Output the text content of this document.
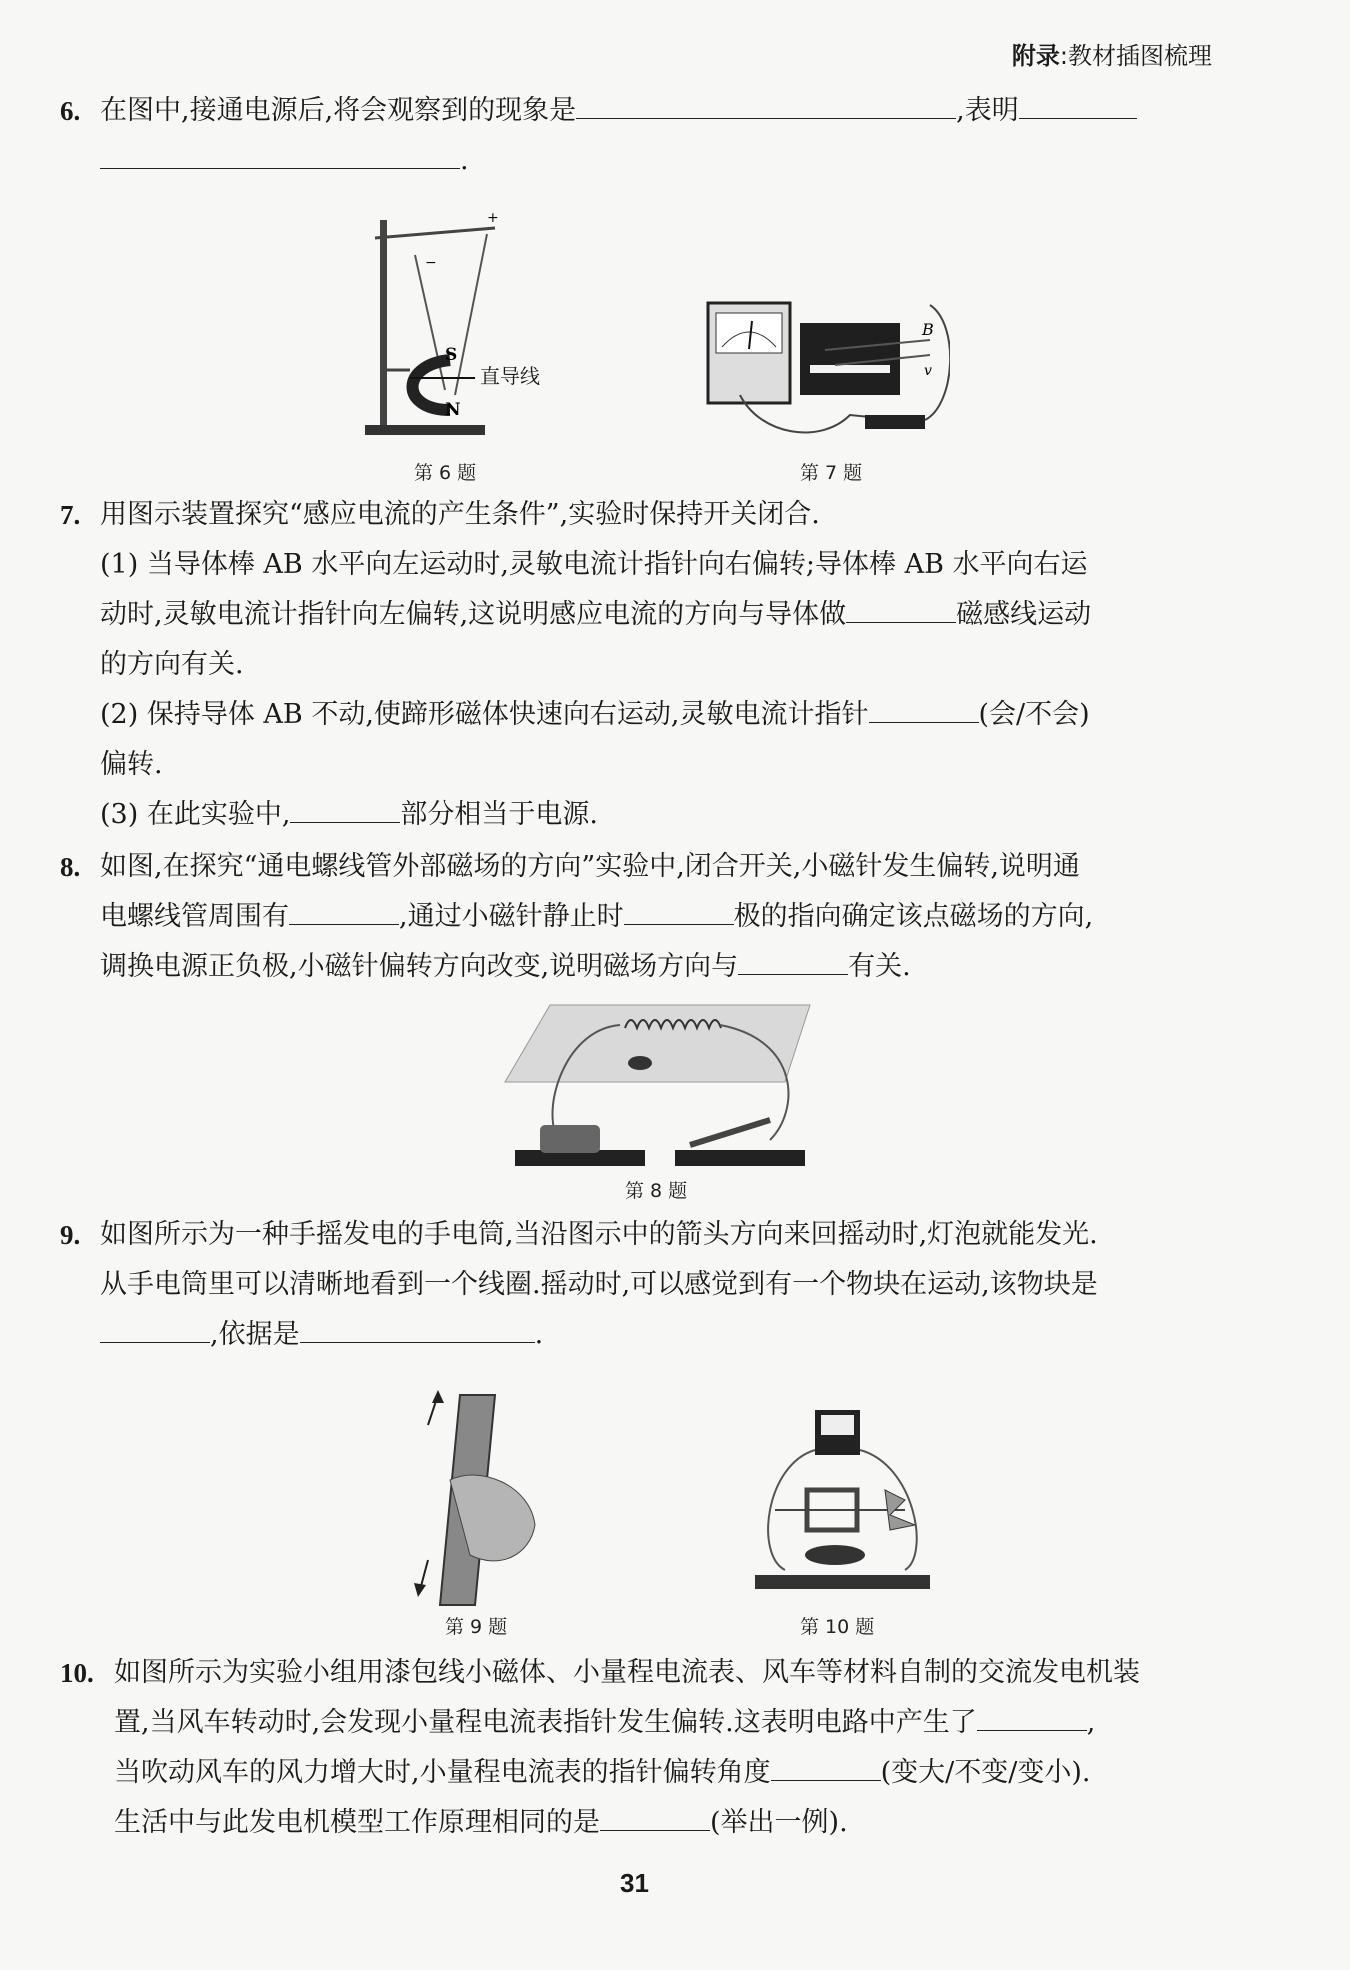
附录:教材插图梳理
6. 在图中,接通电源后,将会观察到的现象是	,表明
.
+
−
S
N
直导线
第 6 题
B
v
第 7 题
7. 用图示装置探究“感应电流的产生条件”,实验时保持开关闭合.
(1) 当导体棒 AB 水平向左运动时,灵敏电流计指针向右偏转;导体棒 AB 水平向右运
动时,灵敏电流计指针向左偏转,这说明感应电流的方向与导体做	磁感线运动
的方向有关.
(2) 保持导体 AB 不动,使蹄形磁体快速向右运动,灵敏电流计指针	(会/不会)
偏转.
(3) 在此实验中,	部分相当于电源.
8. 如图,在探究“通电螺线管外部磁场的方向”实验中,闭合开关,小磁针发生偏转,说明通
电螺线管周围有	,通过小磁针静止时	极的指向确定该点磁场的方向,
调换电源正负极,小磁针偏转方向改变,说明磁场方向与	有关.
第 8 题
9. 如图所示为一种手摇发电的手电筒,当沿图示中的箭头方向来回摇动时,灯泡就能发光.
从手电筒里可以清晰地看到一个线圈.摇动时,可以感觉到有一个物块在运动,该物块是
,依据是	.
第 9 题	第 10 题
10. 如图所示为实验小组用漆包线小磁体、小量程电流表、风车等材料自制的交流发电机装
置,当风车转动时,会发现小量程电流表指针发生偏转.这表明电路中产生了	,
当吹动风车的风力增大时,小量程电流表的指针偏转角度	(变大/不变/变小).
生活中与此发电机模型工作原理相同的是	(举出一例).
31
